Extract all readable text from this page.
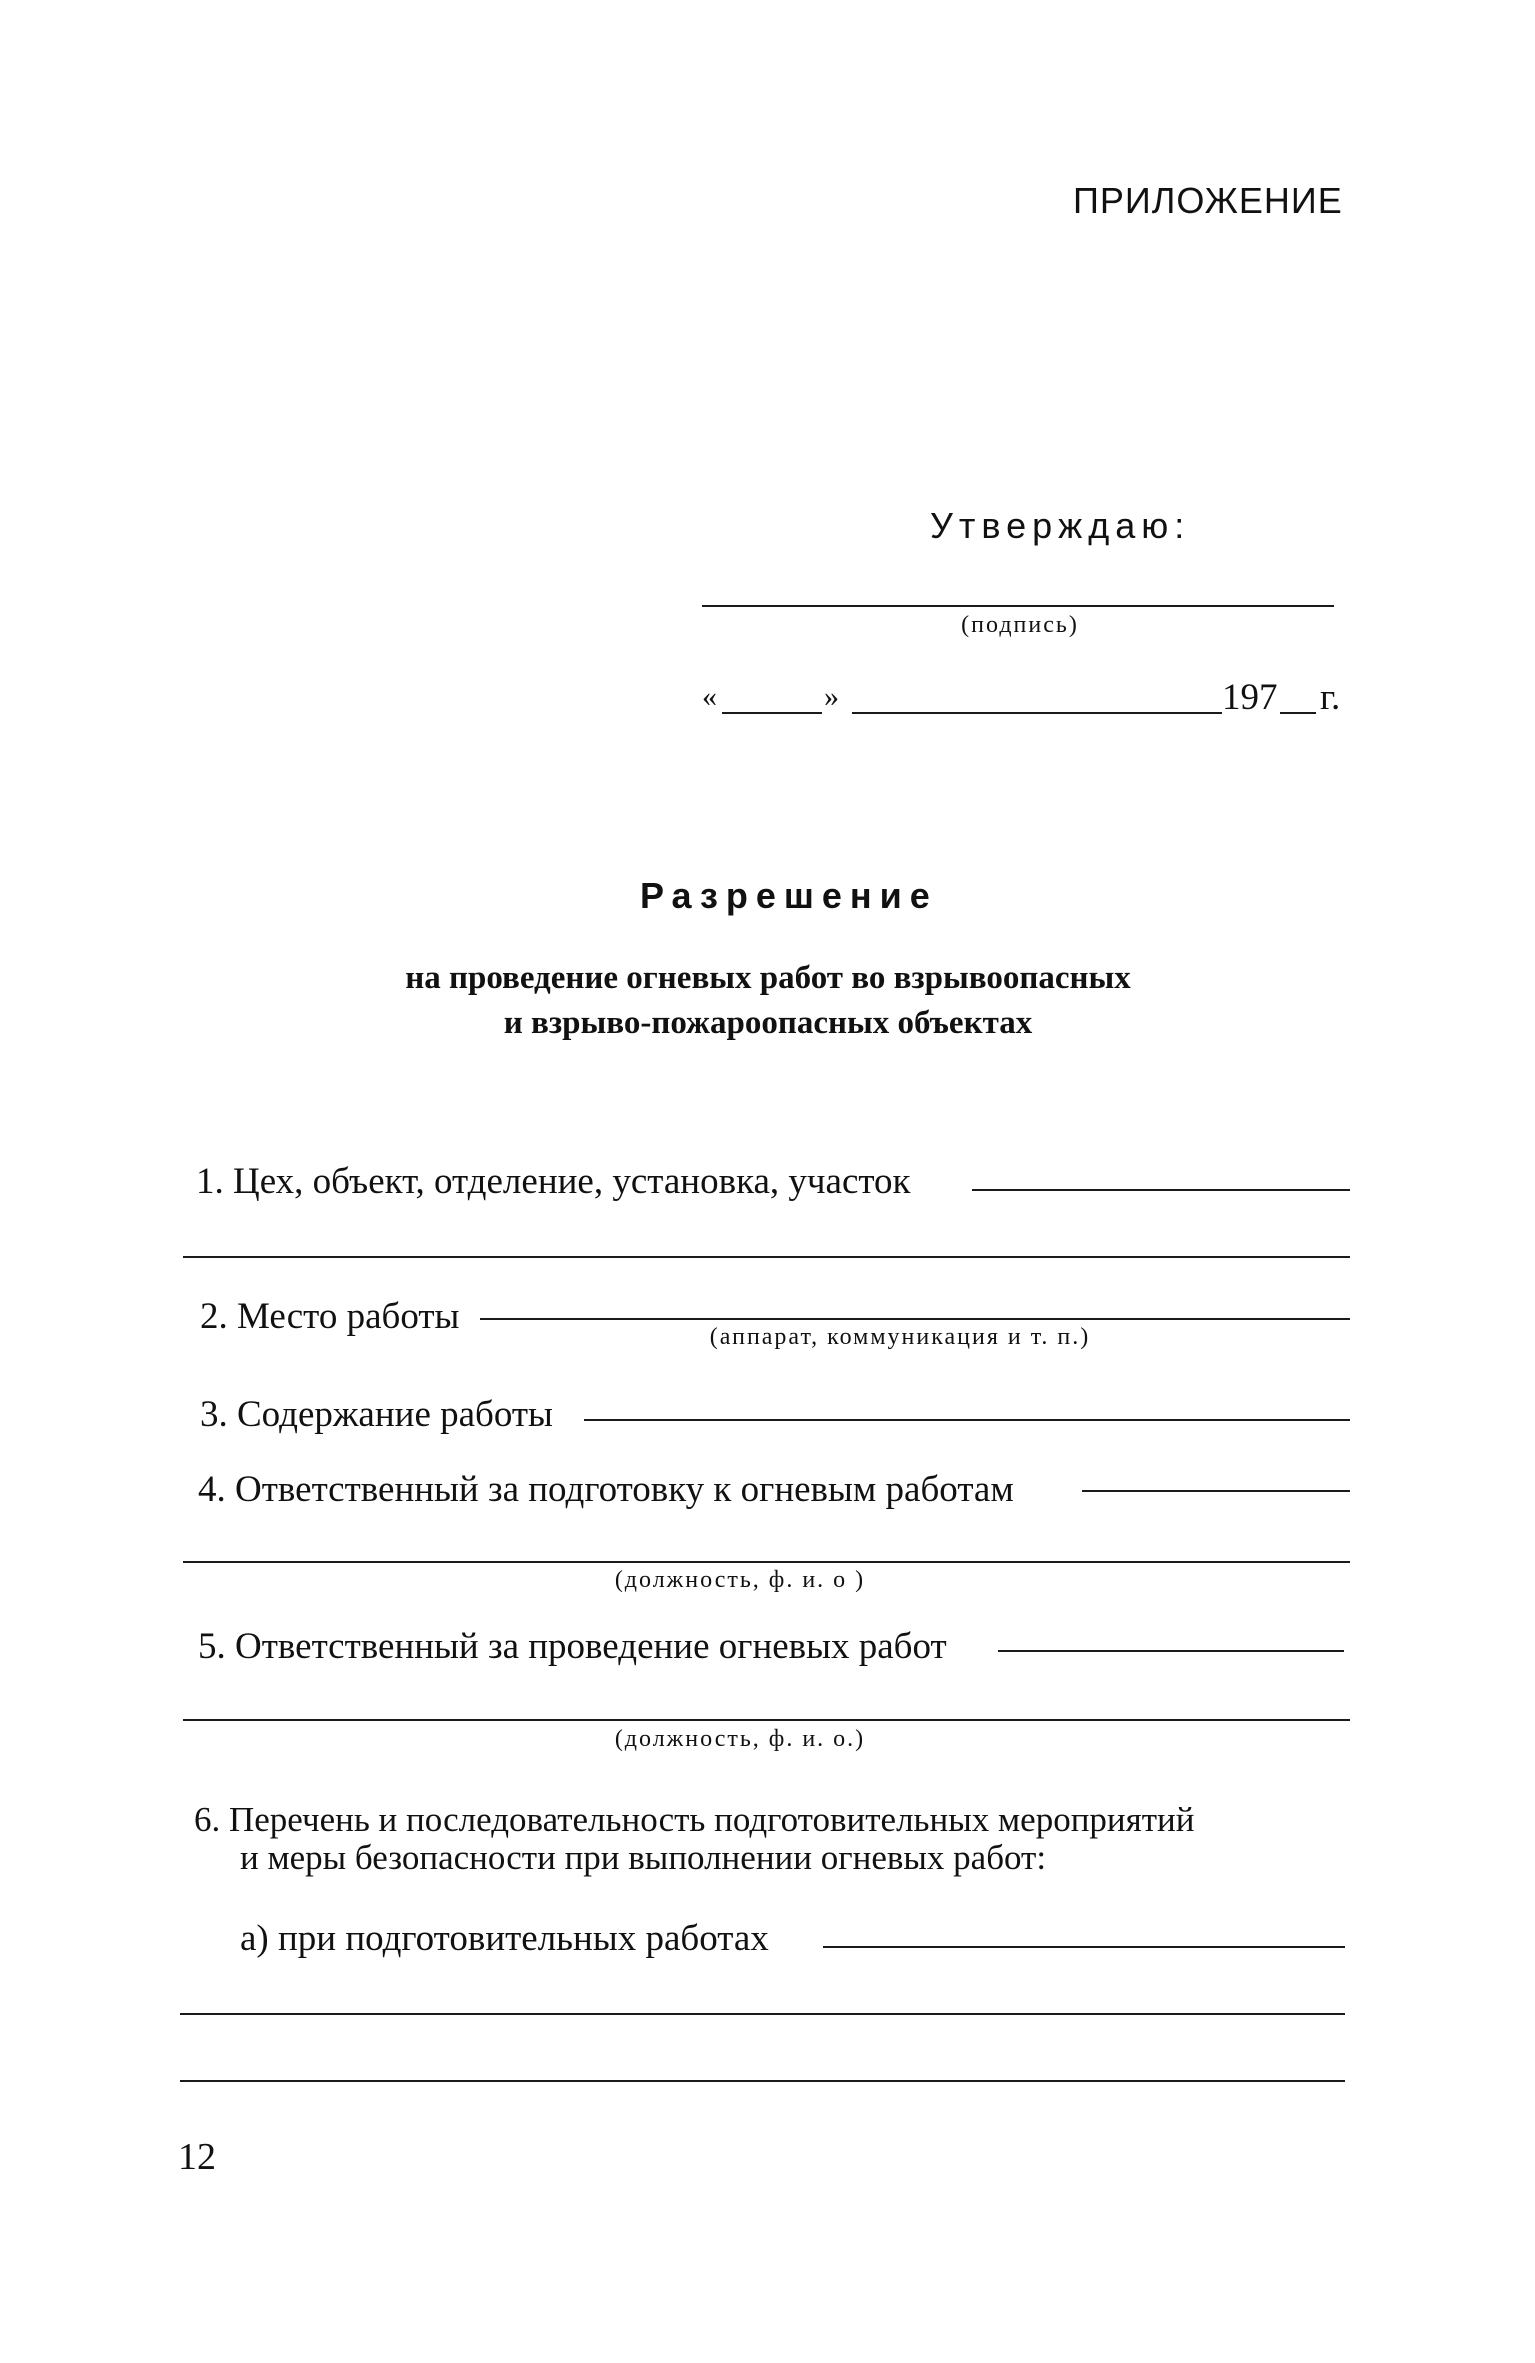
ПРИЛОЖЕНИЕ
Утверждаю:
(подпись)
«	»	197 г.
Разрешение
на проведение огневых работ во взрывоопасных
и взрыво-пожароопасных объектах
1. Цех, объект, отделение, установка, участок
2. Место работы	(аппарат, коммуникация и т. п.)
3. Содержание работы
4. Ответственный за подготовку к огневым работам
(должность, ф. и. о )
5. Ответственный за проведение огневых работ
(должность, ф. и. о.)
6. Перечень и последовательность подготовительных мероприятий
и меры безопасности при выполнении огневых работ:
а) при подготовительных работах
12
